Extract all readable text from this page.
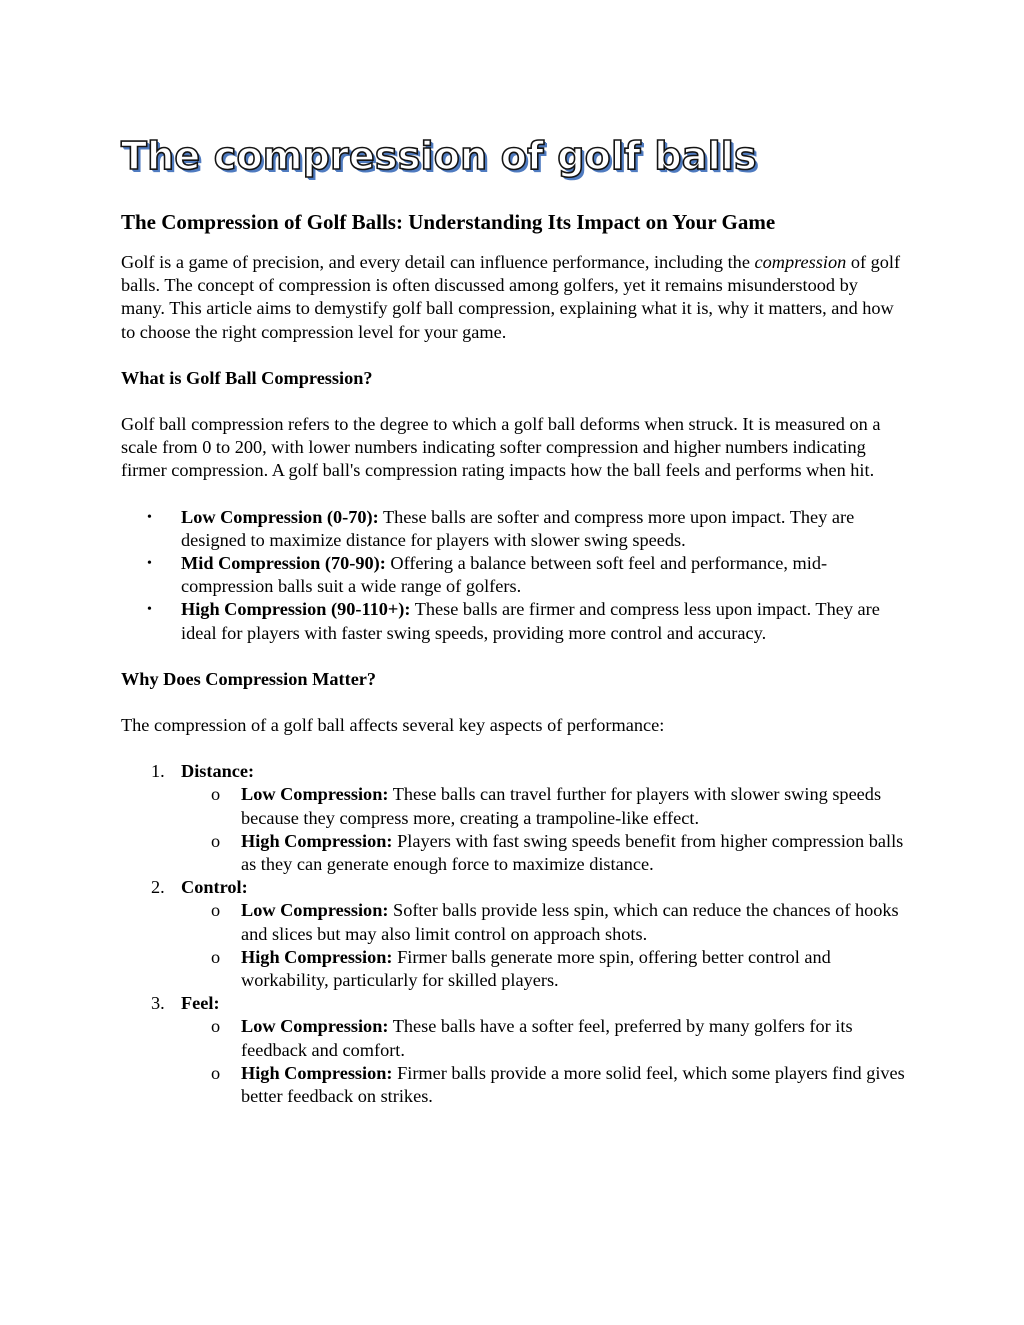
The compression of golf balls
The Compression of Golf Balls: Understanding Its Impact on Your Game

Golf is a game of precision, and every detail can influence performance, including the compression of golf balls. The concept of compression is often discussed among golfers, yet it remains misunderstood by many. This article aims to demystify golf ball compression, explaining what it is, why it matters, and how to choose the right compression level for your game.

What is Golf Ball Compression?

Golf ball compression refers to the degree to which a golf ball deforms when struck. It is measured on a scale from 0 to 200, with lower numbers indicating softer compression and higher numbers indicating firmer compression. A golf ball's compression rating impacts how the ball feels and performs when hit.

• Low Compression (0-70): These balls are softer and compress more upon impact. They are designed to maximize distance for players with slower swing speeds.
• Mid Compression (70-90): Offering a balance between soft feel and performance, mid-compression balls suit a wide range of golfers.
• High Compression (90-110+): These balls are firmer and compress less upon impact. They are ideal for players with faster swing speeds, providing more control and accuracy.

Why Does Compression Matter?

The compression of a golf ball affects several key aspects of performance:

1. Distance:
o Low Compression: These balls can travel further for players with slower swing speeds because they compress more, creating a trampoline-like effect.
o High Compression: Players with fast swing speeds benefit from higher compression balls as they can generate enough force to maximize distance.
2. Control:
o Low Compression: Softer balls provide less spin, which can reduce the chances of hooks and slices but may also limit control on approach shots.
o High Compression: Firmer balls generate more spin, offering better control and workability, particularly for skilled players.
3. Feel:
o Low Compression: These balls have a softer feel, preferred by many golfers for its feedback and comfort.
o High Compression: Firmer balls provide a more solid feel, which some players find gives better feedback on strikes.
